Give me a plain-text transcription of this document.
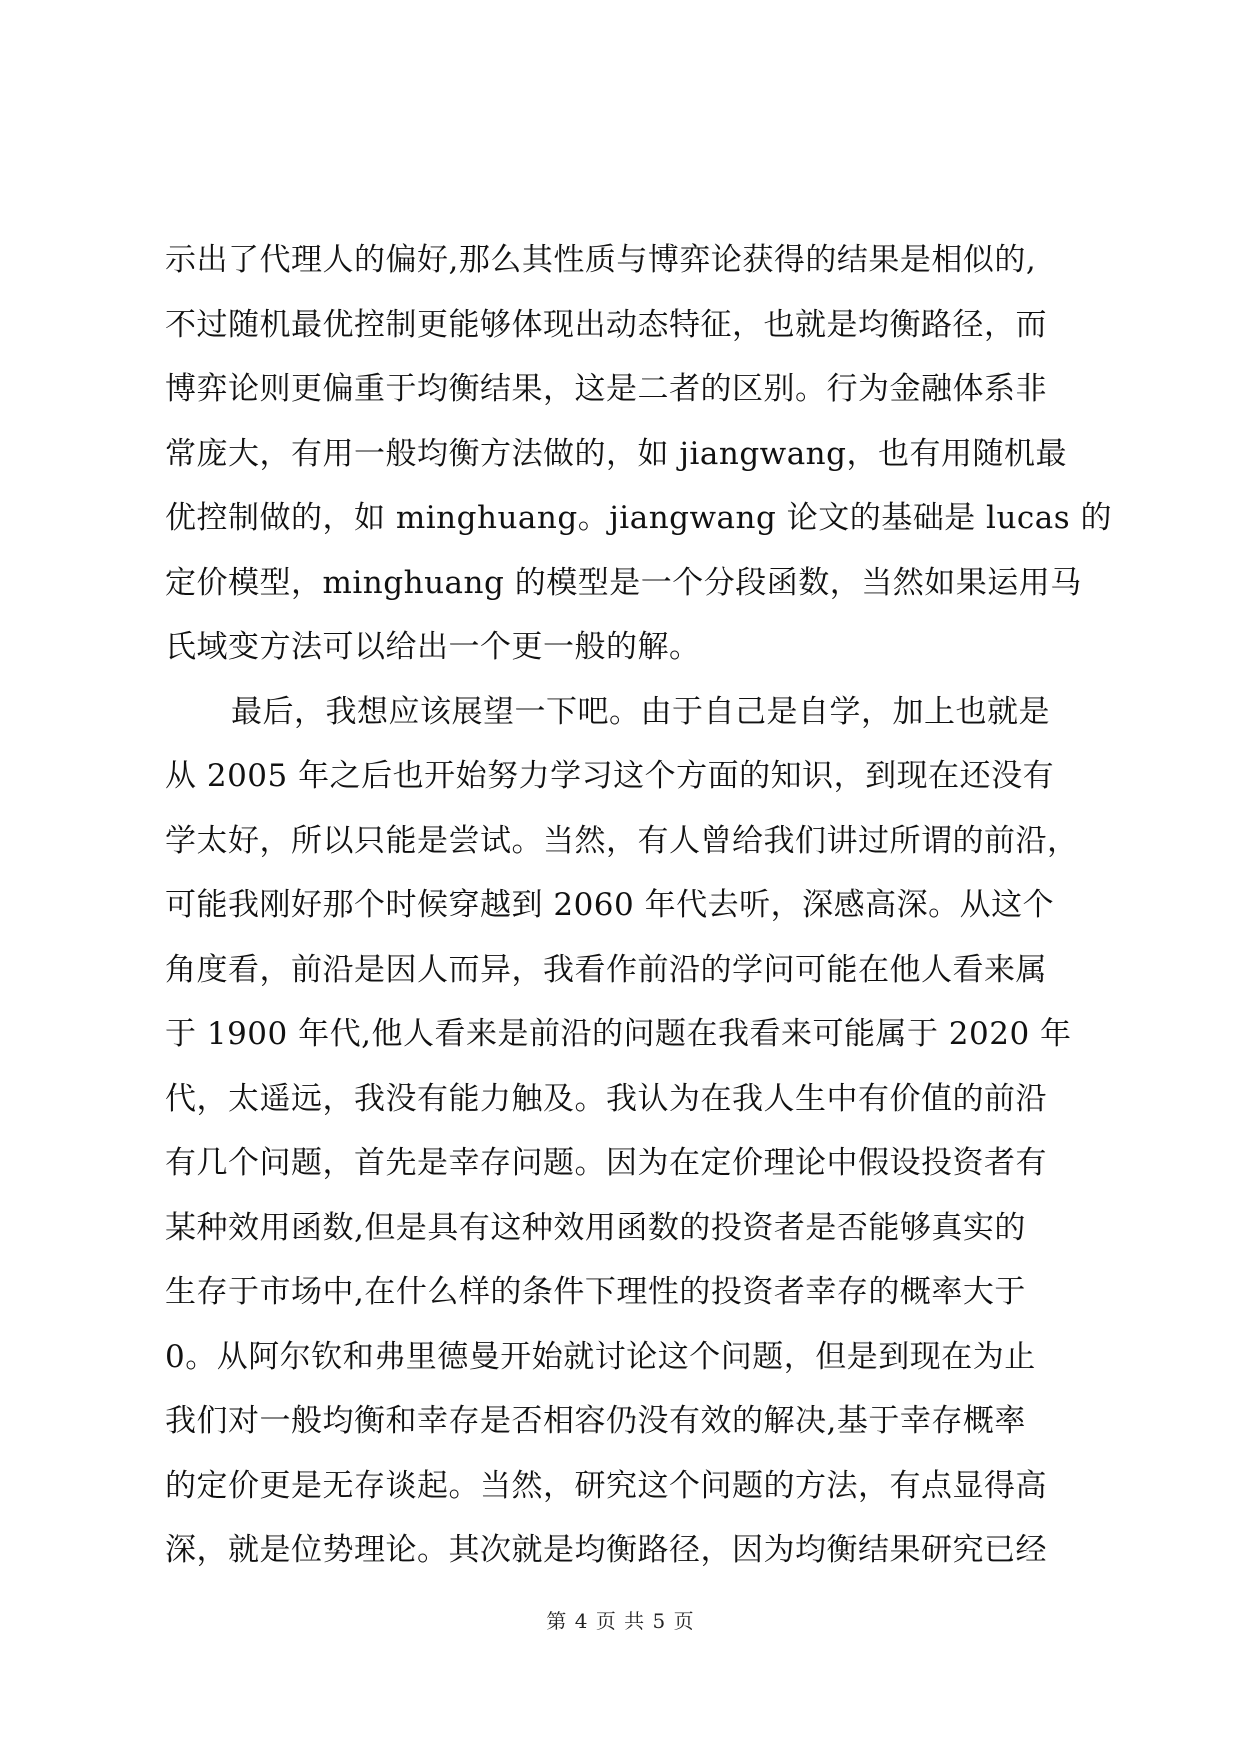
示出了代理人的偏好,那么其性质与博弈论获得的结果是相似的,
不过随机最优控制更能够体现出动态特征，也就是均衡路径，而
博弈论则更偏重于均衡结果，这是二者的区别。行为金融体系非
常庞大，有用一般均衡方法做的，如 jiangwang，也有用随机最
优控制做的，如 minghuang。jiangwang 论文的基础是 lucas 的
定价模型，minghuang 的模型是一个分段函数，当然如果运用马
氏域变方法可以给出一个更一般的解。
最后，我想应该展望一下吧。由于自己是自学，加上也就是
从 2005 年之后也开始努力学习这个方面的知识，到现在还没有
学太好，所以只能是尝试。当然，有人曾给我们讲过所谓的前沿，
可能我刚好那个时候穿越到 2060 年代去听，深感高深。从这个
角度看，前沿是因人而异，我看作前沿的学问可能在他人看来属
于 1900 年代,他人看来是前沿的问题在我看来可能属于 2020 年
代，太遥远，我没有能力触及。我认为在我人生中有价值的前沿
有几个问题，首先是幸存问题。因为在定价理论中假设投资者有
某种效用函数,但是具有这种效用函数的投资者是否能够真实的
生存于市场中,在什么样的条件下理性的投资者幸存的概率大于
0。从阿尔钦和弗里德曼开始就讨论这个问题，但是到现在为止
我们对一般均衡和幸存是否相容仍没有效的解决,基于幸存概率
的定价更是无存谈起。当然，研究这个问题的方法，有点显得高
深，就是位势理论。其次就是均衡路径，因为均衡结果研究已经
第 4 页 共 5 页
